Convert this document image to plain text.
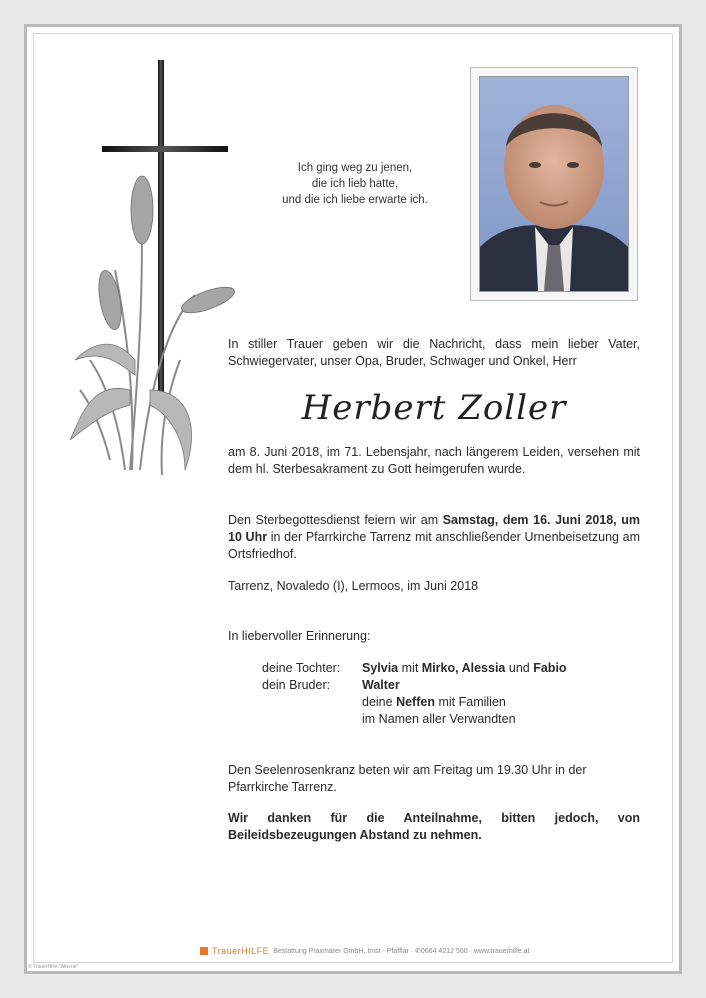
Ich ging weg zu jenen,
die ich lieb hatte,
und die ich liebe erwarte ich.
In stiller Trauer geben wir die Nachricht, dass mein lieber Vater, Schwiegervater, unser Opa, Bruder, Schwager und Onkel, Herr
Herbert Zoller
am 8. Juni 2018, im 71. Lebensjahr, nach längerem Leiden, versehen mit dem hl. Sterbesakrament zu Gott heimgerufen wurde.
Den Sterbegottesdienst feiern wir am Samstag, dem 16. Juni 2018, um 10 Uhr in der Pfarrkirche Tarrenz mit anschließender Urnenbeisetzung am Ortsfriedhof.
Tarrenz, Novaledo (I), Lermoos, im Juni 2018
In liebervoller Erinnerung:
deine Tochter:	Sylvia mit Mirko, Alessia und Fabio
dein Bruder:	Walter
deine Neffen mit Familien
im Namen aller Verwandten
Den Seelenrosenkranz beten wir am Freitag um 19.30 Uhr in der Pfarrkirche Tarrenz.
Wir danken für die Anteilnahme, bitten jedoch, von Beileidsbezeugungen Abstand zu nehmen.
TrauerHILFE Bestattung Praxmarer GmbH, Imst - Pfafflar · ✆0664 4212 560 · www.trauerhilfe.at
© TrauerHilfe "Athene"
